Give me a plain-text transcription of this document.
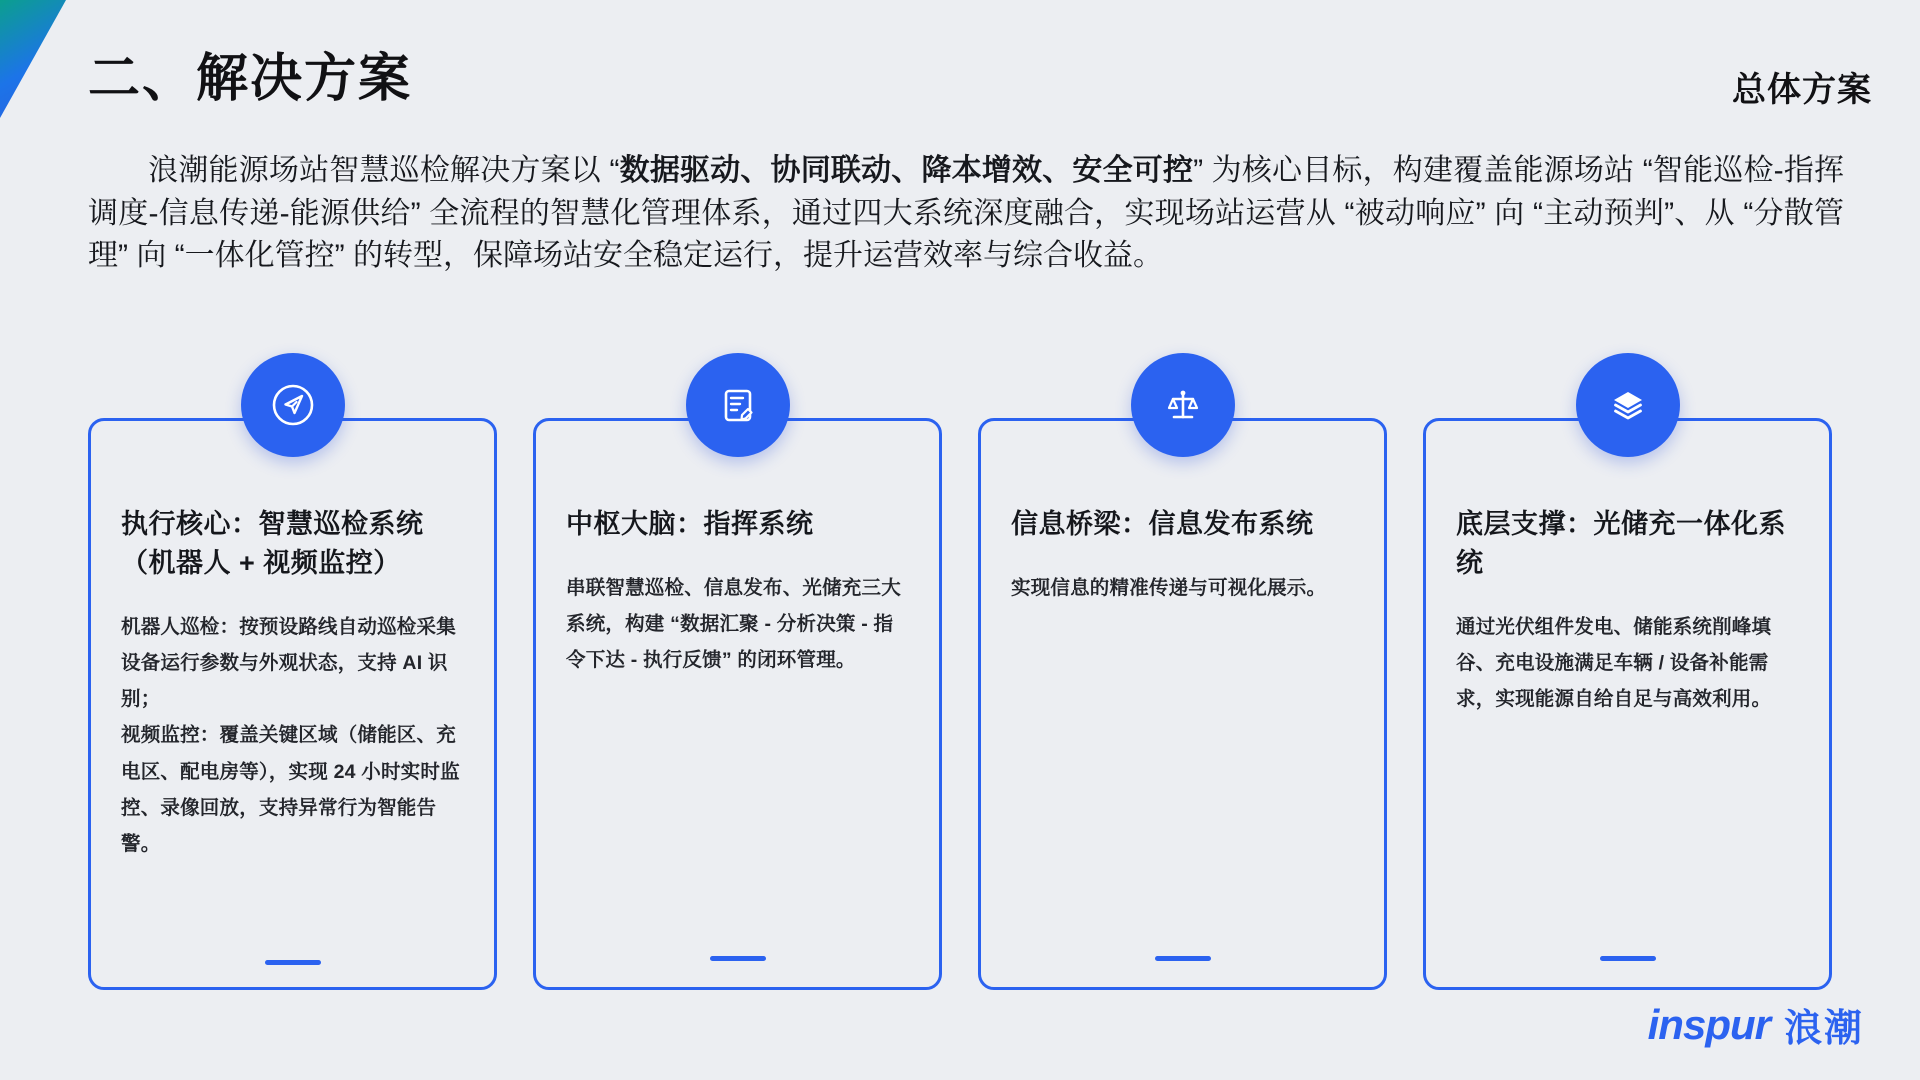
二、解决方案	总体方案
浪潮能源场站智慧巡检解决方案以 “数据驱动、协同联动、降本增效、安全可控” 为核心目标，构建覆盖能源场站 “智能巡检-指挥调度-信息传递-能源供给” 全流程的智慧化管理体系，通过四大系统深度融合，实现场站运营从 “被动响应” 向 “主动预判”、从 “分散管理” 向 “一体化管控” 的转型，保障场站安全稳定运行，提升运营效率与综合收益。
执行核心：智慧巡检系统（机器人 + 视频监控）

机器人巡检：按预设路线自动巡检采集设备运行参数与外观状态，支持 AI 识别；

视频监控：覆盖关键区域（储能区、充电区、配电房等），实现 24 小时实时监控、录像回放，支持异常行为智能告警。

中枢大脑：指挥系统

串联智慧巡检、信息发布、光储充三大系统，构建 “数据汇聚 - 分析决策 - 指令下达 - 执行反馈” 的闭环管理。

信息桥梁：信息发布系统

实现信息的精准传递与可视化展示。

底层支撑：光储充一体化系统

通过光伏组件发电、储能系统削峰填谷、充电设施满足车辆 / 设备补能需求，实现能源自给自足与高效利用。

inspur 浪潮
